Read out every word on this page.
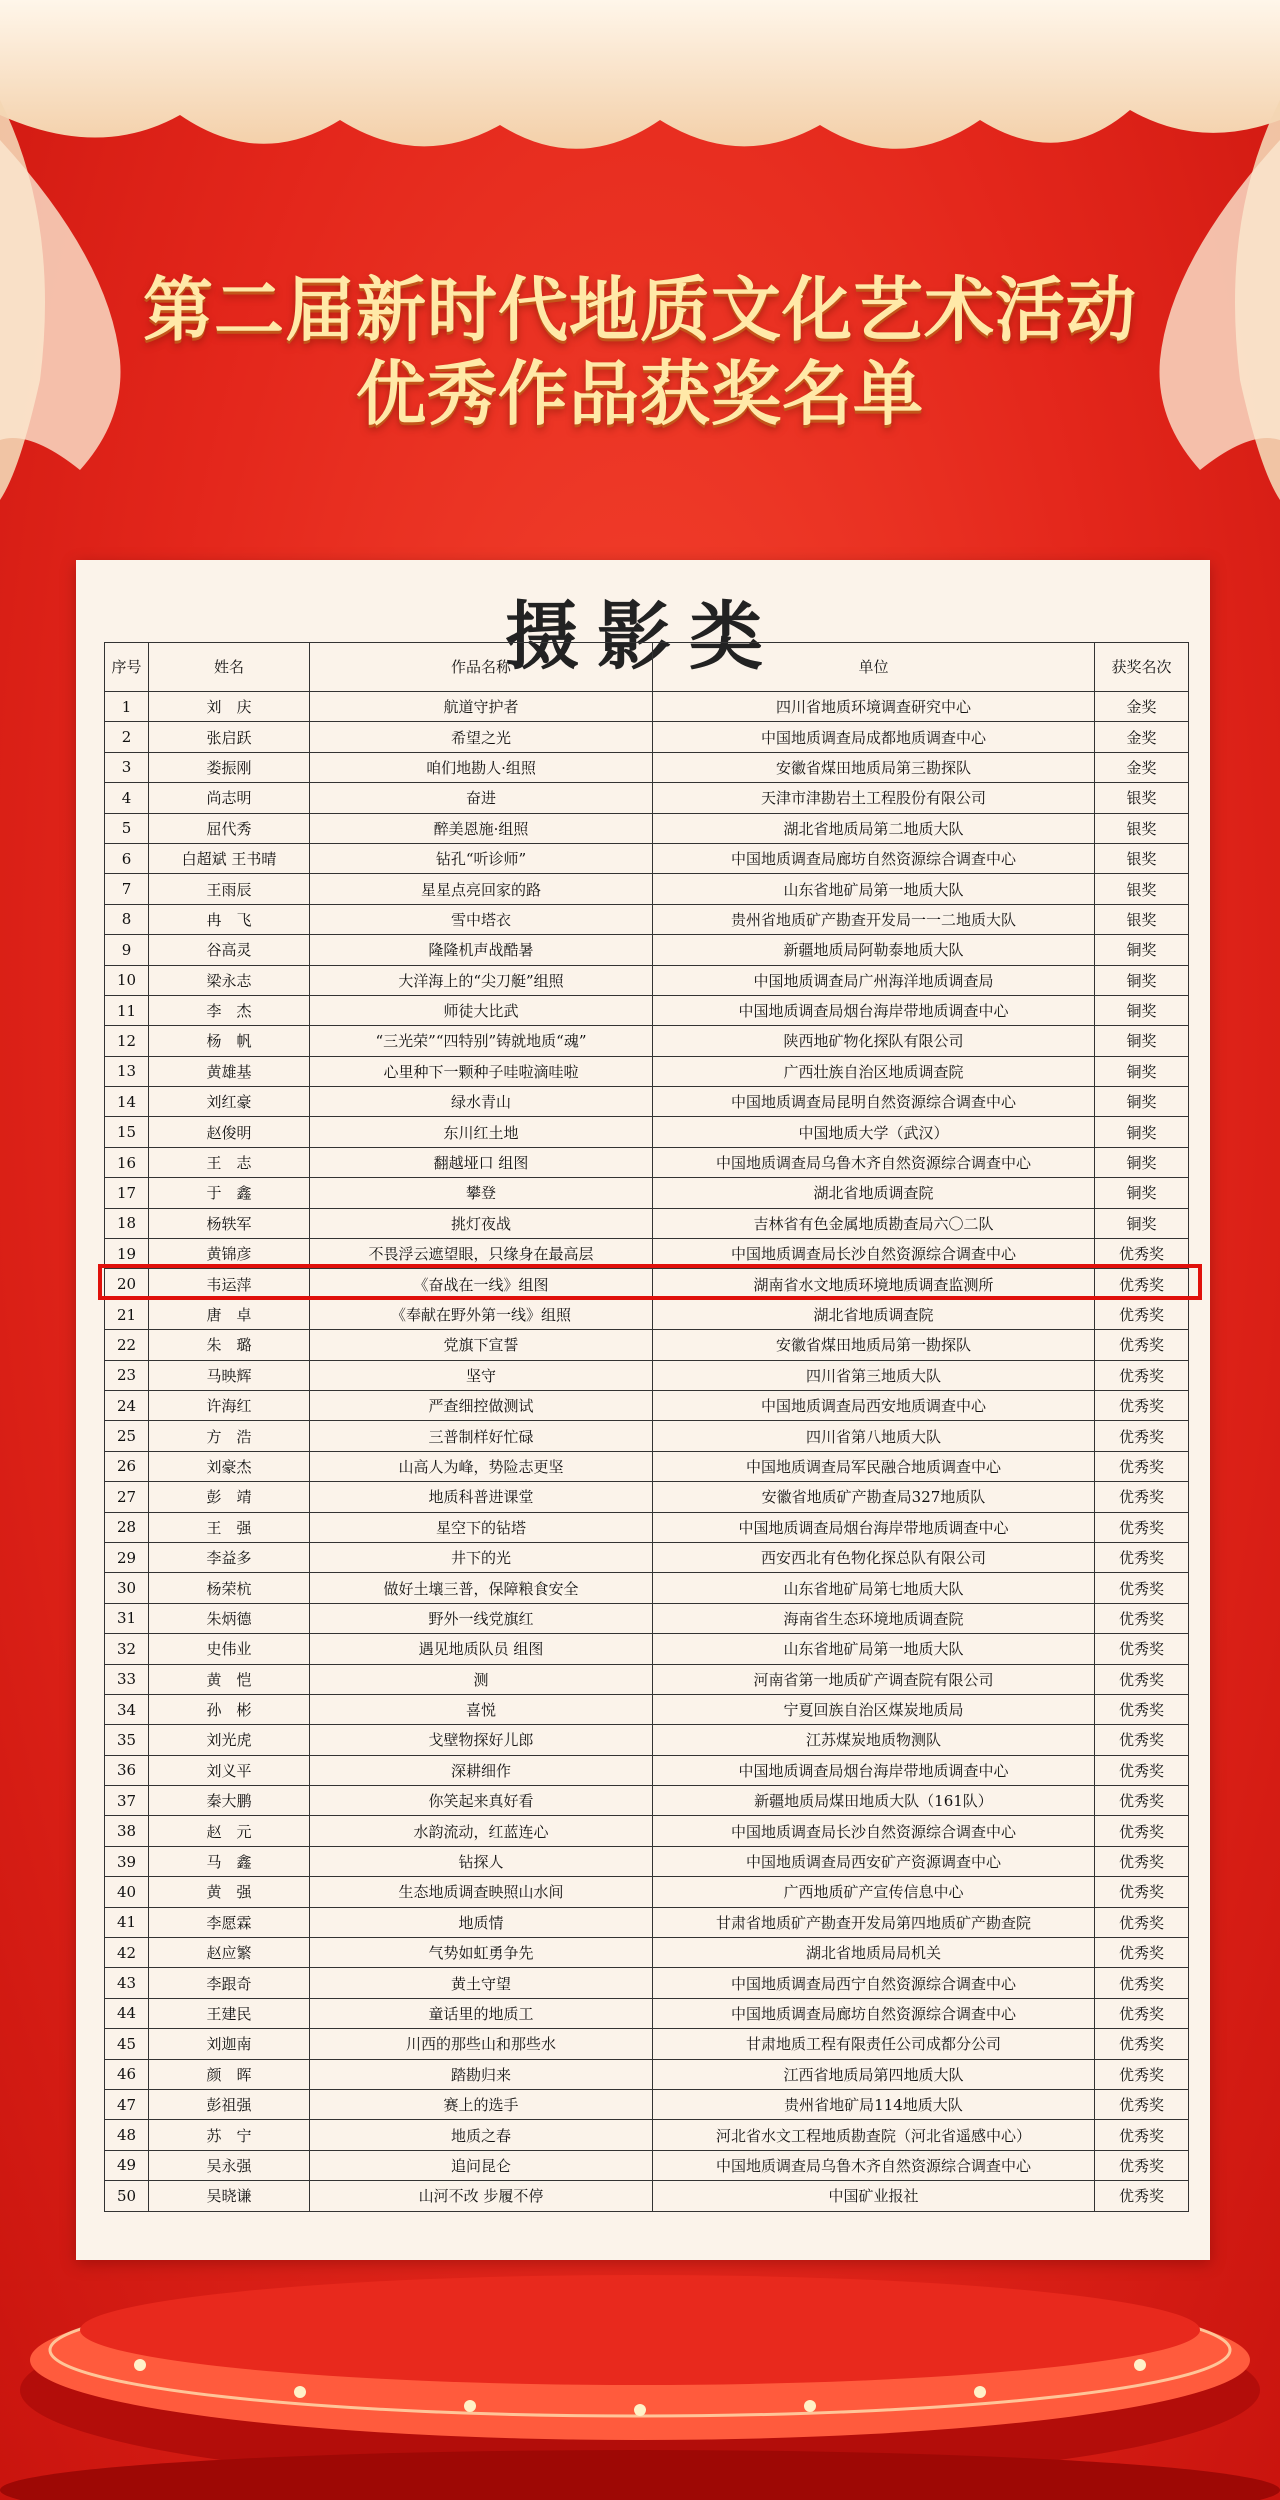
第二届新时代地质文化艺术活动

优秀作品获奖名单

摄影类

序号	姓名	作品名称	单位	获奖名次
1	刘　庆	航道守护者	四川省地质环境调查研究中心	金奖
2	张启跃	希望之光	中国地质调查局成都地质调查中心	金奖
3	娄振刚	咱们地勘人·组照	安徽省煤田地质局第三勘探队	金奖
4	尚志明	奋进	天津市津勘岩土工程股份有限公司	银奖
5	屈代秀	醉美恩施·组照	湖北省地质局第二地质大队	银奖
6	白超斌 王书晴	钻孔“听诊师”	中国地质调查局廊坊自然资源综合调查中心	银奖
7	王雨辰	星星点亮回家的路	山东省地矿局第一地质大队	银奖
8	冉　飞	雪中塔衣	贵州省地质矿产勘查开发局一一二地质大队	银奖
9	谷高灵	隆隆机声战酷暑	新疆地质局阿勒泰地质大队	铜奖
10	梁永志	大洋海上的“尖刀艇”组照	中国地质调查局广州海洋地质调查局	铜奖
11	李　杰	师徒大比武	中国地质调查局烟台海岸带地质调查中心	铜奖
12	杨　帆	“三光荣”“四特别”铸就地质“魂”	陕西地矿物化探队有限公司	铜奖
13	黄雄基	心里种下一颗种子哇啦滴哇啦	广西壮族自治区地质调查院	铜奖
14	刘红豪	绿水青山	中国地质调查局昆明自然资源综合调查中心	铜奖
15	赵俊明	东川红土地	中国地质大学（武汉）	铜奖
16	王　志	翻越垭口 组图	中国地质调查局乌鲁木齐自然资源综合调查中心	铜奖
17	于　鑫	攀登	湖北省地质调查院	铜奖
18	杨轶军	挑灯夜战	吉林省有色金属地质勘查局六〇二队	铜奖
19	黄锦彦	不畏浮云遮望眼，只缘身在最高层	中国地质调查局长沙自然资源综合调查中心	优秀奖
20	韦运萍	《奋战在一线》组图	湖南省水文地质环境地质调查监测所	优秀奖
21	唐　卓	《奉献在野外第一线》组照	湖北省地质调查院	优秀奖
22	朱　璐	党旗下宣誓	安徽省煤田地质局第一勘探队	优秀奖
23	马映辉	坚守	四川省第三地质大队	优秀奖
24	许海红	严查细控做测试	中国地质调查局西安地质调查中心	优秀奖
25	方　浩	三普制样好忙碌	四川省第八地质大队	优秀奖
26	刘豪杰	山高人为峰，势险志更坚	中国地质调查局军民融合地质调查中心	优秀奖
27	彭　靖	地质科普进课堂	安徽省地质矿产勘查局327地质队	优秀奖
28	王　强	星空下的钻塔	中国地质调查局烟台海岸带地质调查中心	优秀奖
29	李益多	井下的光	西安西北有色物化探总队有限公司	优秀奖
30	杨荣杭	做好土壤三普，保障粮食安全	山东省地矿局第七地质大队	优秀奖
31	朱炳德	野外一线党旗红	海南省生态环境地质调查院	优秀奖
32	史伟业	遇见地质队员 组图	山东省地矿局第一地质大队	优秀奖
33	黄　恺	测	河南省第一地质矿产调查院有限公司	优秀奖
34	孙　彬	喜悦	宁夏回族自治区煤炭地质局	优秀奖
35	刘光虎	戈壁物探好儿郎	江苏煤炭地质物测队	优秀奖
36	刘义平	深耕细作	中国地质调查局烟台海岸带地质调查中心	优秀奖
37	秦大鹏	你笑起来真好看	新疆地质局煤田地质大队（161队）	优秀奖
38	赵　元	水韵流动，红蓝连心	中国地质调查局长沙自然资源综合调查中心	优秀奖
39	马　鑫	钻探人	中国地质调查局西安矿产资源调查中心	优秀奖
40	黄　强	生态地质调查映照山水间	广西地质矿产宣传信息中心	优秀奖
41	李愿霖	地质情	甘肃省地质矿产勘查开发局第四地质矿产勘查院	优秀奖
42	赵应繁	气势如虹勇争先	湖北省地质局局机关	优秀奖
43	李跟奇	黄土守望	中国地质调查局西宁自然资源综合调查中心	优秀奖
44	王建民	童话里的地质工	中国地质调查局廊坊自然资源综合调查中心	优秀奖
45	刘迦南	川西的那些山和那些水	甘肃地质工程有限责任公司成都分公司	优秀奖
46	颜　晖	踏勘归来	江西省地质局第四地质大队	优秀奖
47	彭祖强	赛上的选手	贵州省地矿局114地质大队	优秀奖
48	苏　宁	地质之春	河北省水文工程地质勘查院（河北省遥感中心）	优秀奖
49	吴永强	追问昆仑	中国地质调查局乌鲁木齐自然资源综合调查中心	优秀奖
50	吴晓谦	山河不改 步履不停	中国矿业报社	优秀奖
